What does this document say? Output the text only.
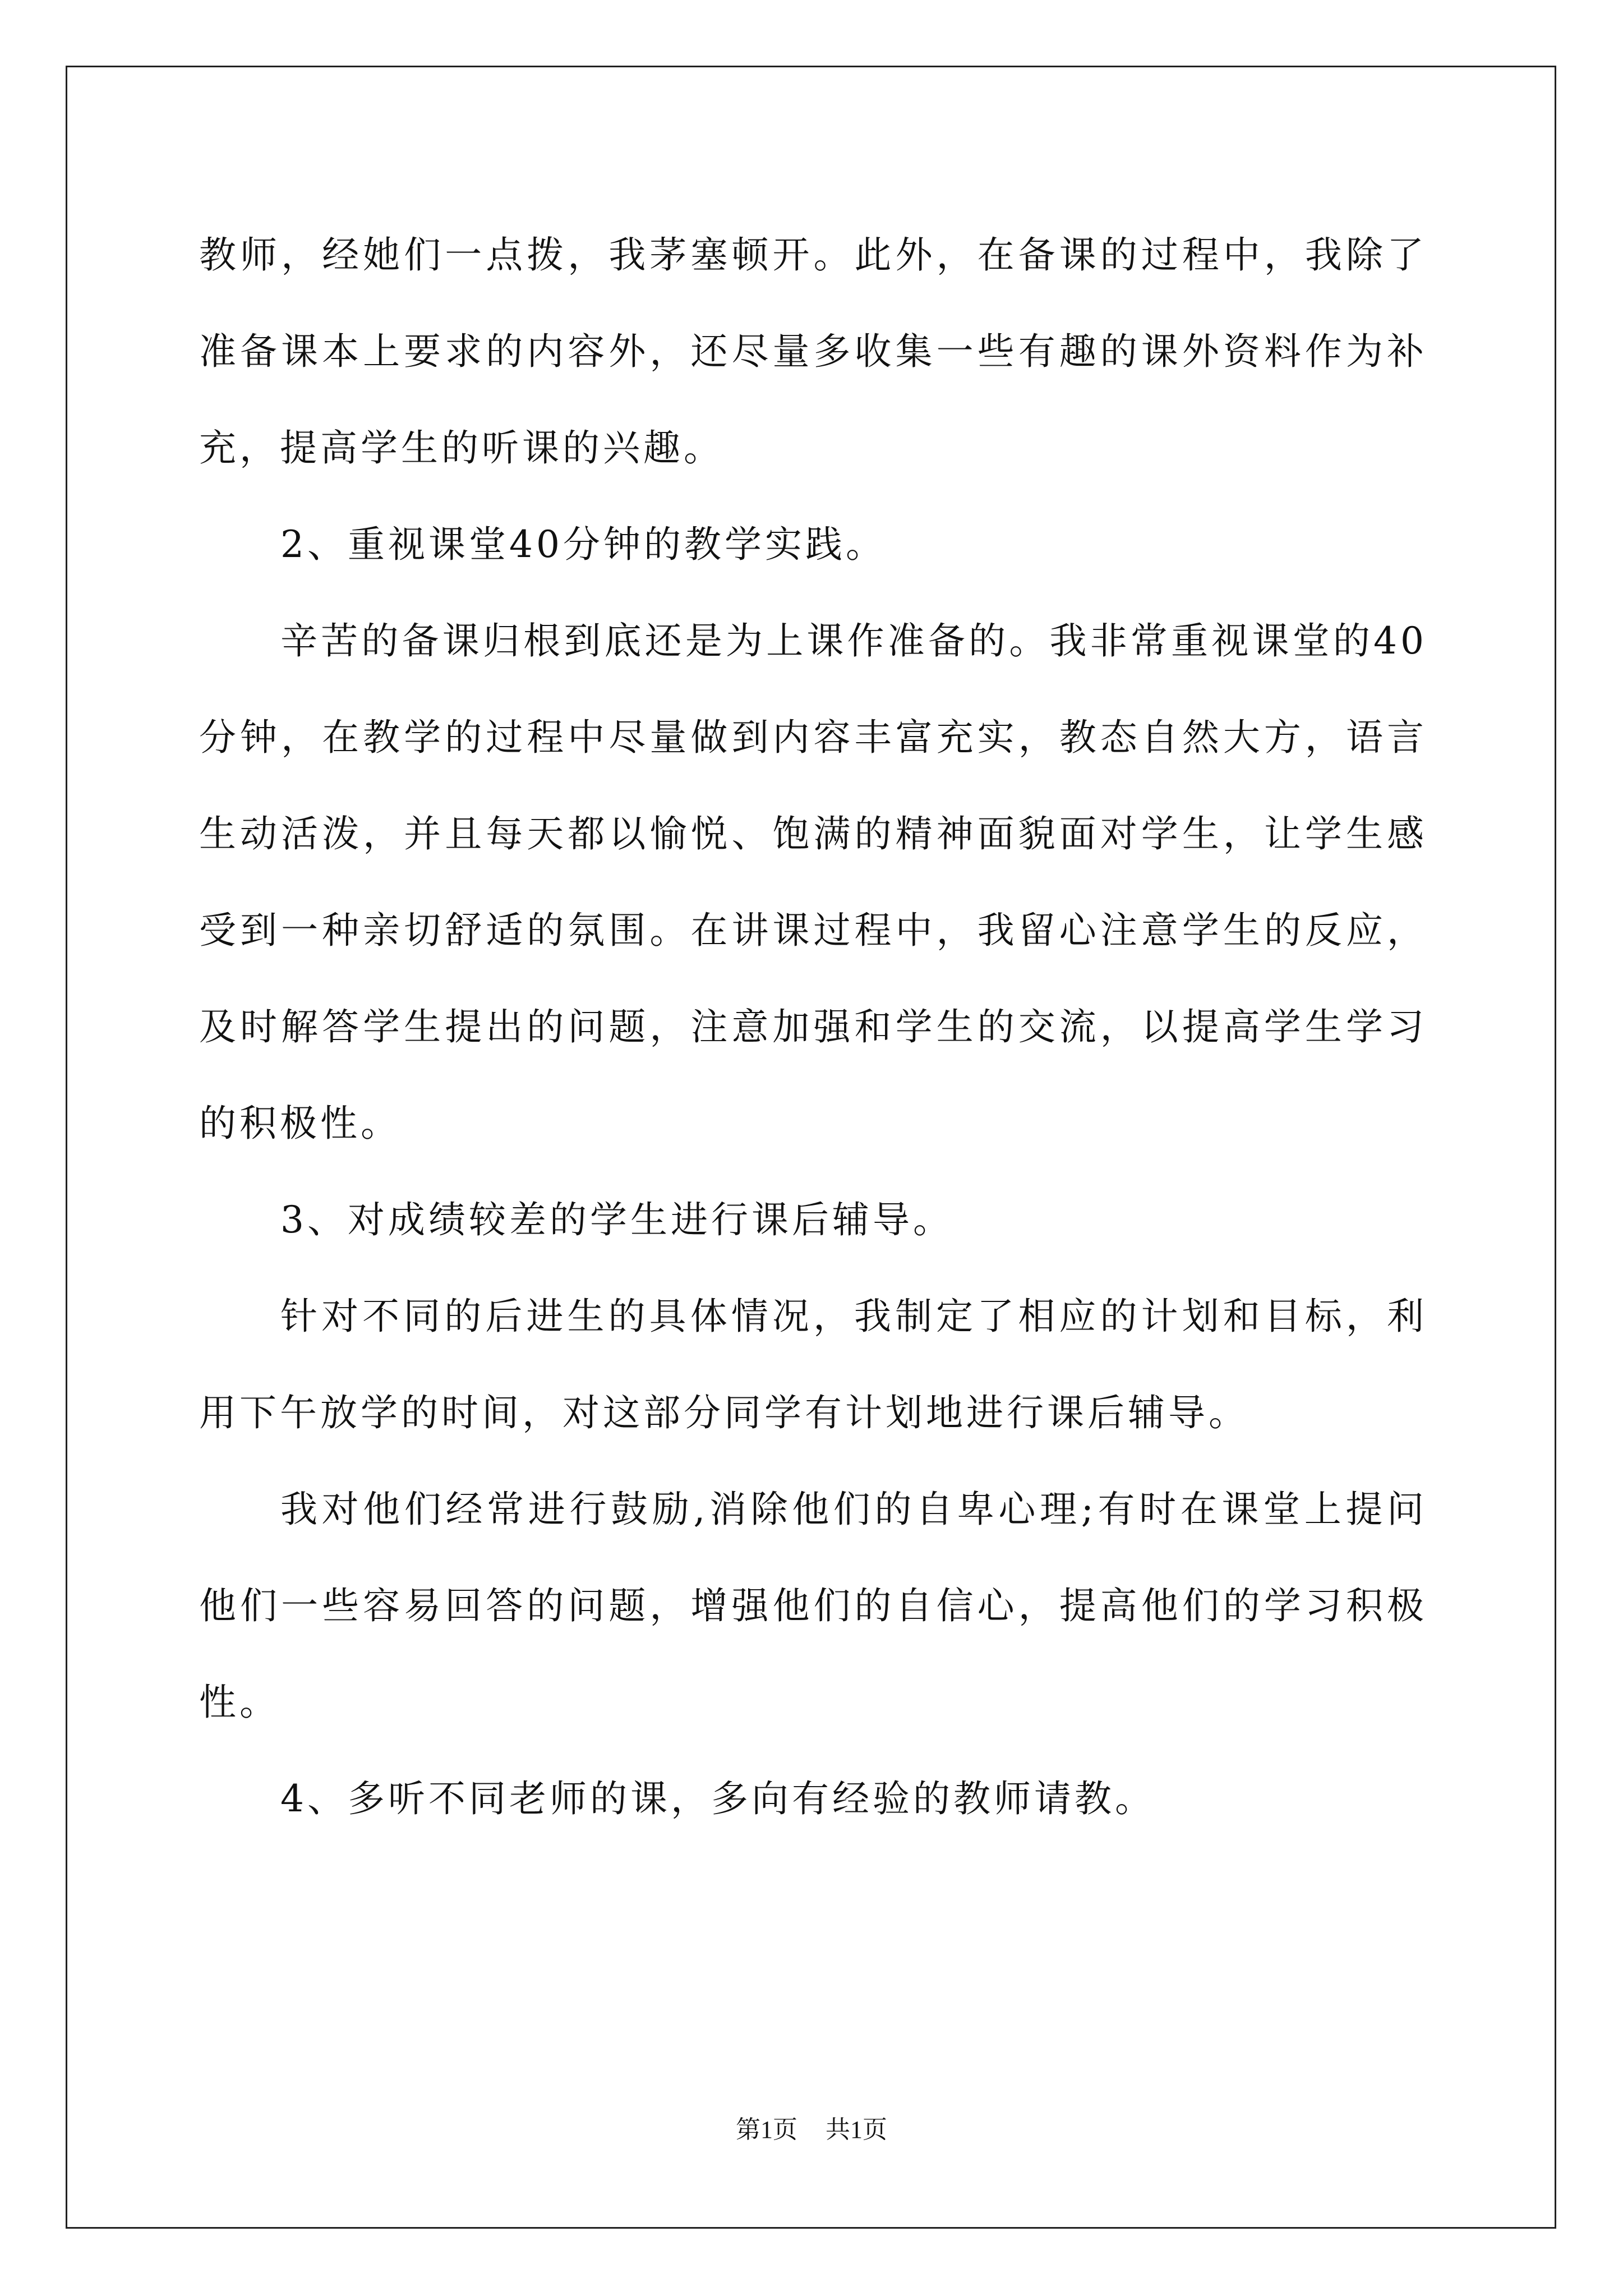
教师，经她们一点拨，我茅塞顿开。此外，在备课的过程中，我除了准备课本上要求的内容外，还尽量多收集一些有趣的课外资料作为补充，提高学生的听课的兴趣。

2、重视课堂40分钟的教学实践。

辛苦的备课归根到底还是为上课作准备的。我非常重视课堂的40分钟，在教学的过程中尽量做到内容丰富充实，教态自然大方，语言生动活泼，并且每天都以愉悦、饱满的精神面貌面对学生，让学生感受到一种亲切舒适的氛围。在讲课过程中，我留心注意学生的反应，及时解答学生提出的问题，注意加强和学生的交流，以提高学生学习的积极性。

3、对成绩较差的学生进行课后辅导。

针对不同的后进生的具体情况，我制定了相应的计划和目标，利用下午放学的时间，对这部分同学有计划地进行课后辅导。

我对他们经常进行鼓励,消除他们的自卑心理;有时在课堂上提问他们一些容易回答的问题，增强他们的自信心，提高他们的学习积极性。

4、多听不同老师的课，多向有经验的教师请教。

第1页 共1页
